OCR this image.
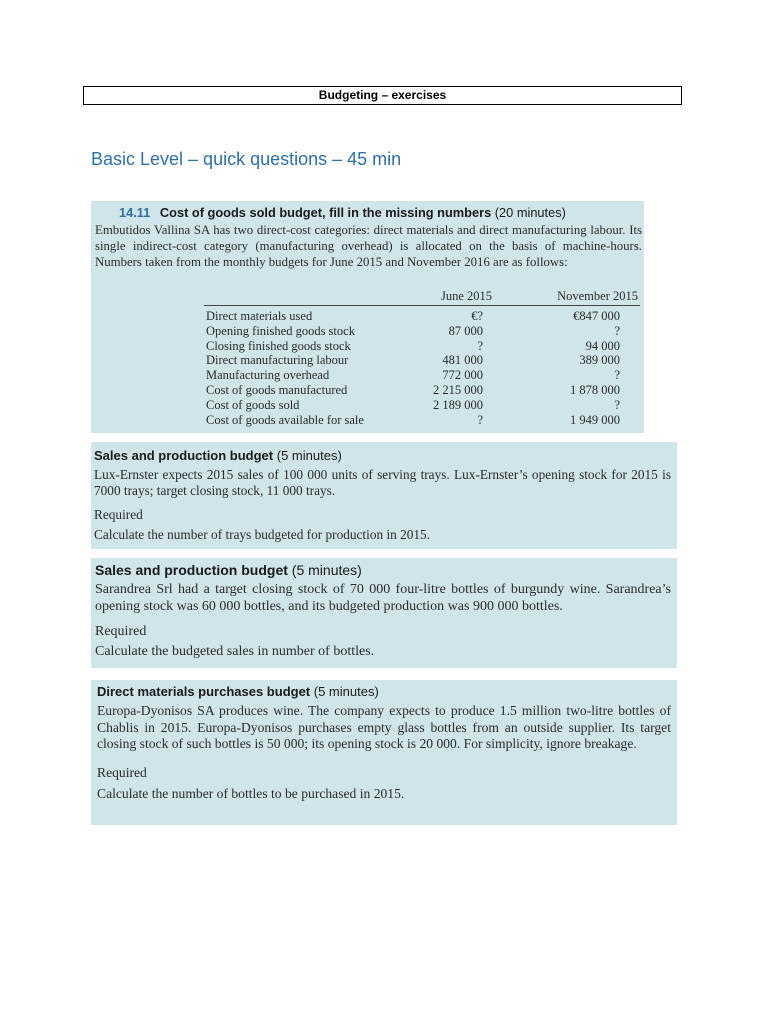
Budgeting – exercises
Basic Level – quick questions – 45 min
14.11 Cost of goods sold budget, fill in the missing numbers (20 minutes)
Embutidos Vallina SA has two direct-cost categories: direct materials and direct manufacturing labour. Its single indirect-cost category (manufacturing overhead) is allocated on the basis of machine-hours. Numbers taken from the monthly budgets for June 2015 and November 2016 are as follows:
June 2015	November 2015
Direct materials used	€?	€847 000
Opening finished goods stock	87 000	?
Closing finished goods stock	?	94 000
Direct manufacturing labour	481 000	389 000
Manufacturing overhead	772 000	?
Cost of goods manufactured	2 215 000	1 878 000
Cost of goods sold	2 189 000	?
Cost of goods available for sale	?	1 949 000
Sales and production budget (5 minutes)
Lux-Ernster expects 2015 sales of 100 000 units of serving trays. Lux-Ernster’s opening stock for 2015 is 7000 trays; target closing stock, 11 000 trays.
Required
Calculate the number of trays budgeted for production in 2015.
Sales and production budget (5 minutes)
Sarandrea Srl had a target closing stock of 70 000 four-litre bottles of burgundy wine. Sarandrea’s opening stock was 60 000 bottles, and its budgeted production was 900 000 bottles.
Required
Calculate the budgeted sales in number of bottles.
Direct materials purchases budget (5 minutes)
Europa-Dyonisos SA produces wine. The company expects to produce 1.5 million two-litre bottles of Chablis in 2015. Europa-Dyonisos purchases empty glass bottles from an outside supplier. Its target closing stock of such bottles is 50 000; its opening stock is 20 000. For simplicity, ignore breakage.
Required
Calculate the number of bottles to be purchased in 2015.
